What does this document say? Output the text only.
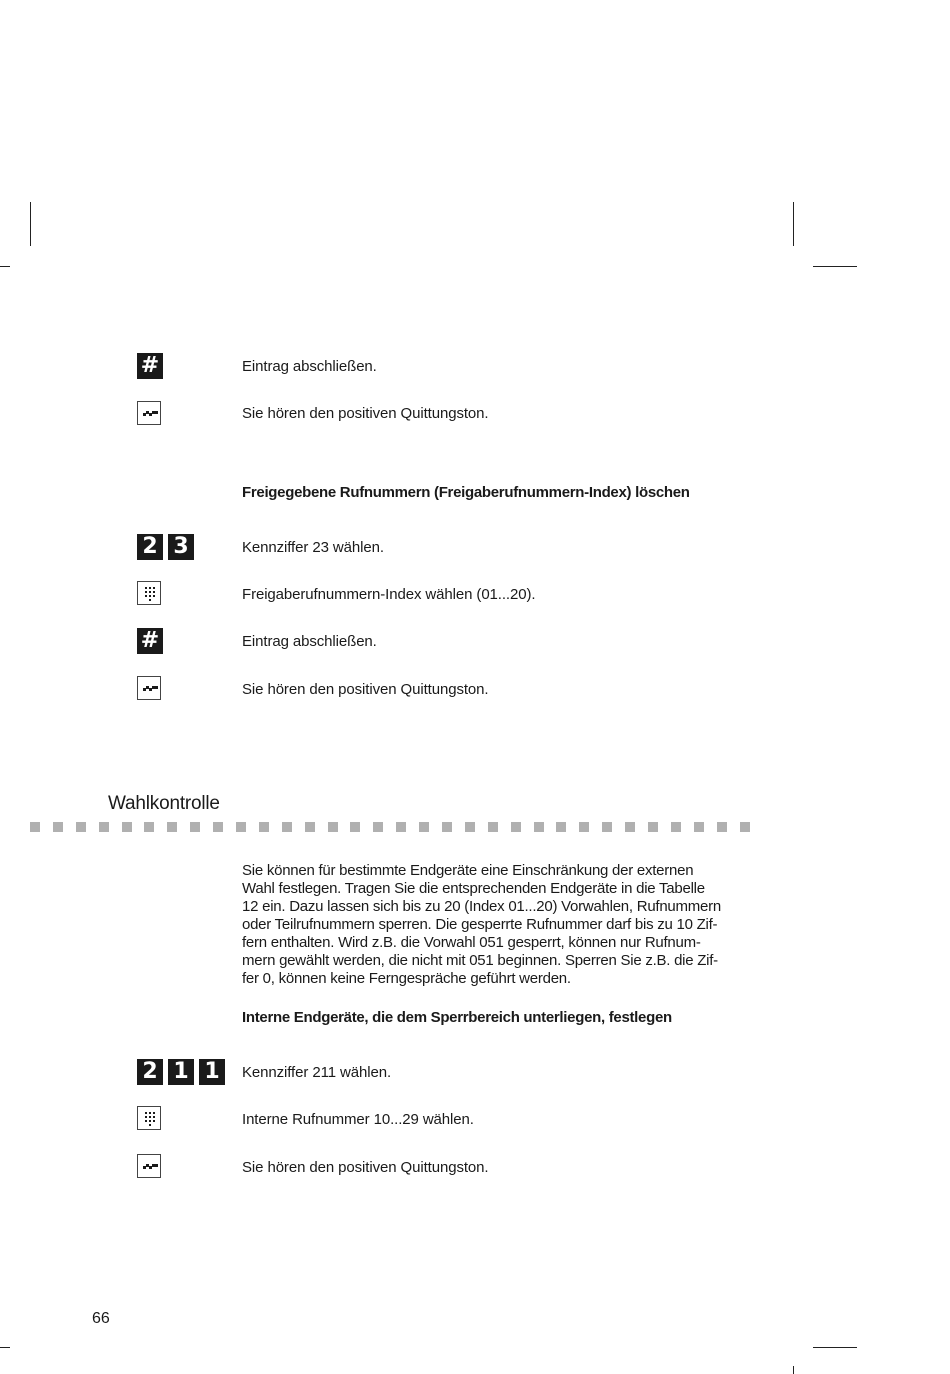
#	Eintrag abschließen.
Sie hören den positiven Quittungston.
Freigegebene Rufnummern (Freigaberufnummern-Index) löschen
2 3	Kennziffer 23 wählen.
Freigaberufnummern-Index wählen (01...20).
#	Eintrag abschließen.
Sie hören den positiven Quittungston.
Wahlkontrolle
Sie können für bestimmte Endgeräte eine Einschränkung der externen
Wahl festlegen. Tragen Sie die entsprechenden Endgeräte in die Tabelle
12 ein. Dazu lassen sich bis zu 20 (Index 01...20) Vorwahlen, Rufnummern
oder Teilrufnummern sperren. Die gesperrte Rufnummer darf bis zu 10 Zif-
fern enthalten. Wird z.B. die Vorwahl 051 gesperrt, können nur Rufnum-
mern gewählt werden, die nicht mit 051 beginnen. Sperren Sie z.B. die Zif-
fer 0, können keine Ferngespräche geführt werden.
Interne Endgeräte, die dem Sperrbereich unterliegen, festlegen
2 1 1	Kennziffer 211 wählen.
Interne Rufnummer 10...29 wählen.
Sie hören den positiven Quittungston.
66
